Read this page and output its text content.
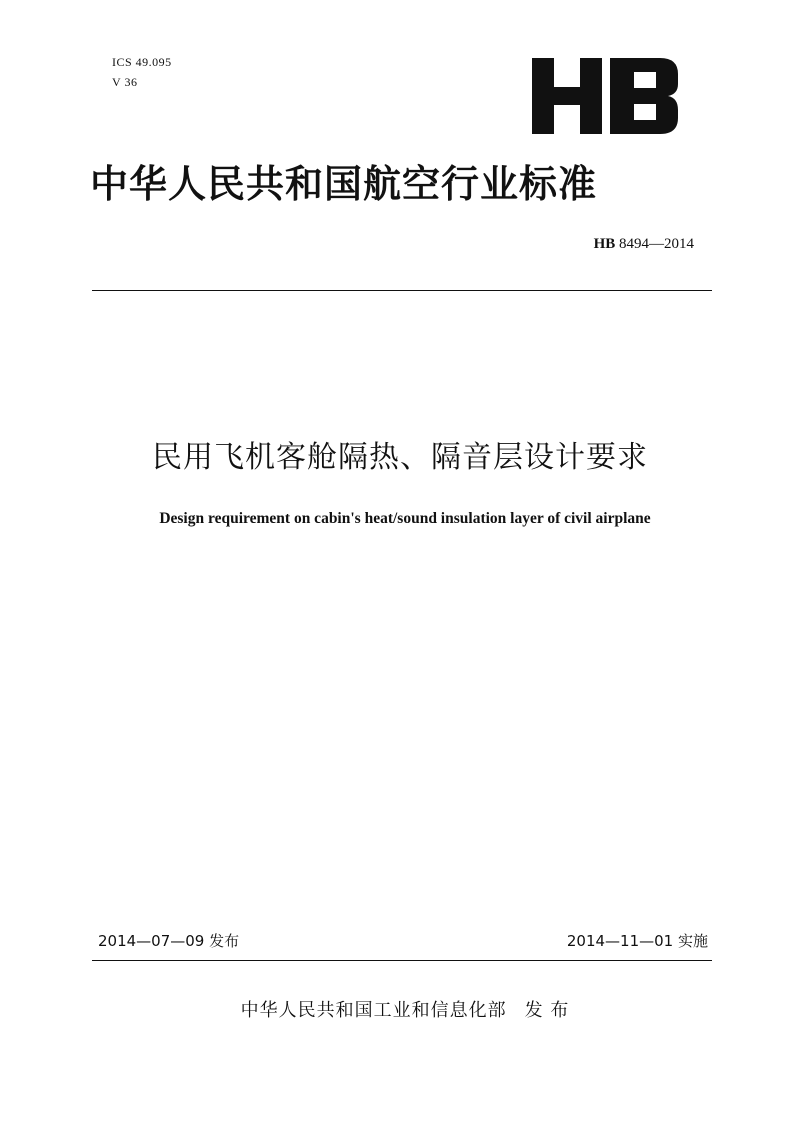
ICS 49.095
V 36
中华人民共和国航空行业标准
HB 8494—2014
民用飞机客舱隔热、隔音层设计要求
Design requirement on cabin's heat/sound insulation layer of civil airplane
2014—07—09 发布	2014—11—01 实施
中华人民共和国工业和信息化部 发 布
